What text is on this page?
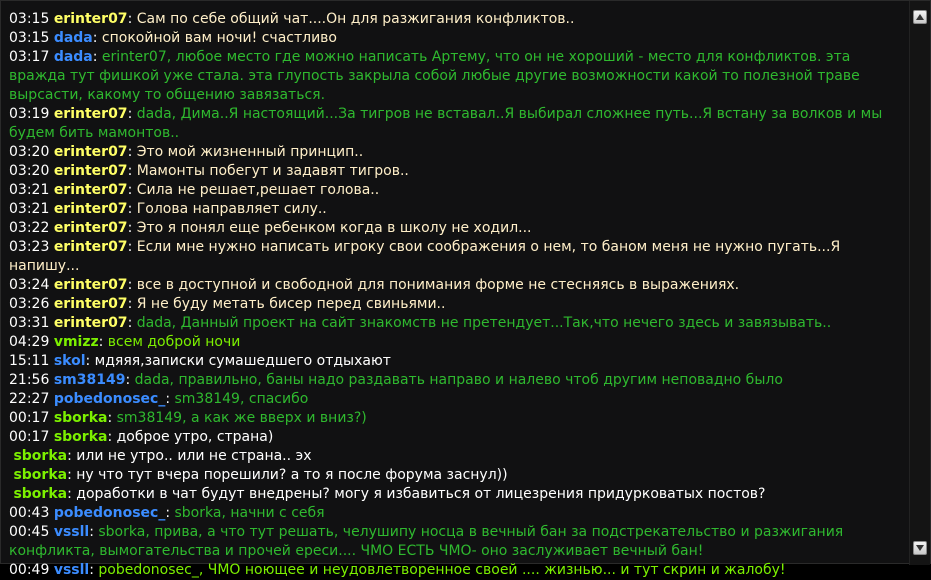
03:15 erinter07: Сам по себе общий чат....Он для разжигания конфликтов..
03:15 dada: спокойной вам ночи! счастливо
03:17 dada: erinter07, любое место где можно написать Артему, что он не хороший - место для конфликтов. эта вражда тут фишкой уже стала. эта глупость закрыла собой любые другие возможности какой то полезной траве вырсасти, какому то общению завязаться.
03:19 erinter07: dada, Дима..Я настоящий...За тигров не вставал..Я выбирал сложнее путь...Я встану за волков и мы будем бить мамонтов..
03:20 erinter07: Это мой жизненный принцип..
03:20 erinter07: Мамонты побегут и задавят тигров..
03:21 erinter07: Сила не решает,решает голова..
03:21 erinter07: Голова направляет силу..
03:22 erinter07: Это я понял еще ребенком когда в школу не ходил...
03:23 erinter07: Если мне нужно написать игроку свои соображения о нем, то баном меня не нужно пугать...Я напишу...
03:24 erinter07: все в доступной и свободной для понимания форме не стесняясь в выражениях.
03:26 erinter07: Я не буду метать бисер перед свиньями..
03:31 erinter07: dada, Данный проект на сайт знакомств не претендует...Так,что нечего здесь и завязывать..
04:29 vmizz: всем доброй ночи
15:11 skol: мдяяя,записки сумашедшего отдыхают
21:56 sm38149: dada, правильно, баны надо раздавать направо и налево чтоб другим неповадно было
22:27 pobedonosec_: sm38149, спасибо
00:17 sborka: sm38149, а как же вверх и вниз?)
00:17 sborka: доброе утро, страна)
sborka: или не утро.. или не страна.. эх
sborka: ну что тут вчера порешили? а то я после форума заснул))
sborka: доработки в чат будут внедрены? могу я избавиться от лицезрения придурковатых постов?
00:43 pobedonosec_: sborka, начни с себя
00:45 vssll: sborka, прива, а что тут решать, челушипу носца в вечный бан за подстрекательство и разжигания конфликта, вымогательства и прочей ереси.... ЧМО ЕСТЬ ЧМО- оно заслуживает вечный бан!
00:49 vssll: pobedonosec_, ЧМО ноющее и неудовлетворенное своей .... жизнью... и тут скрин и жалобу!
